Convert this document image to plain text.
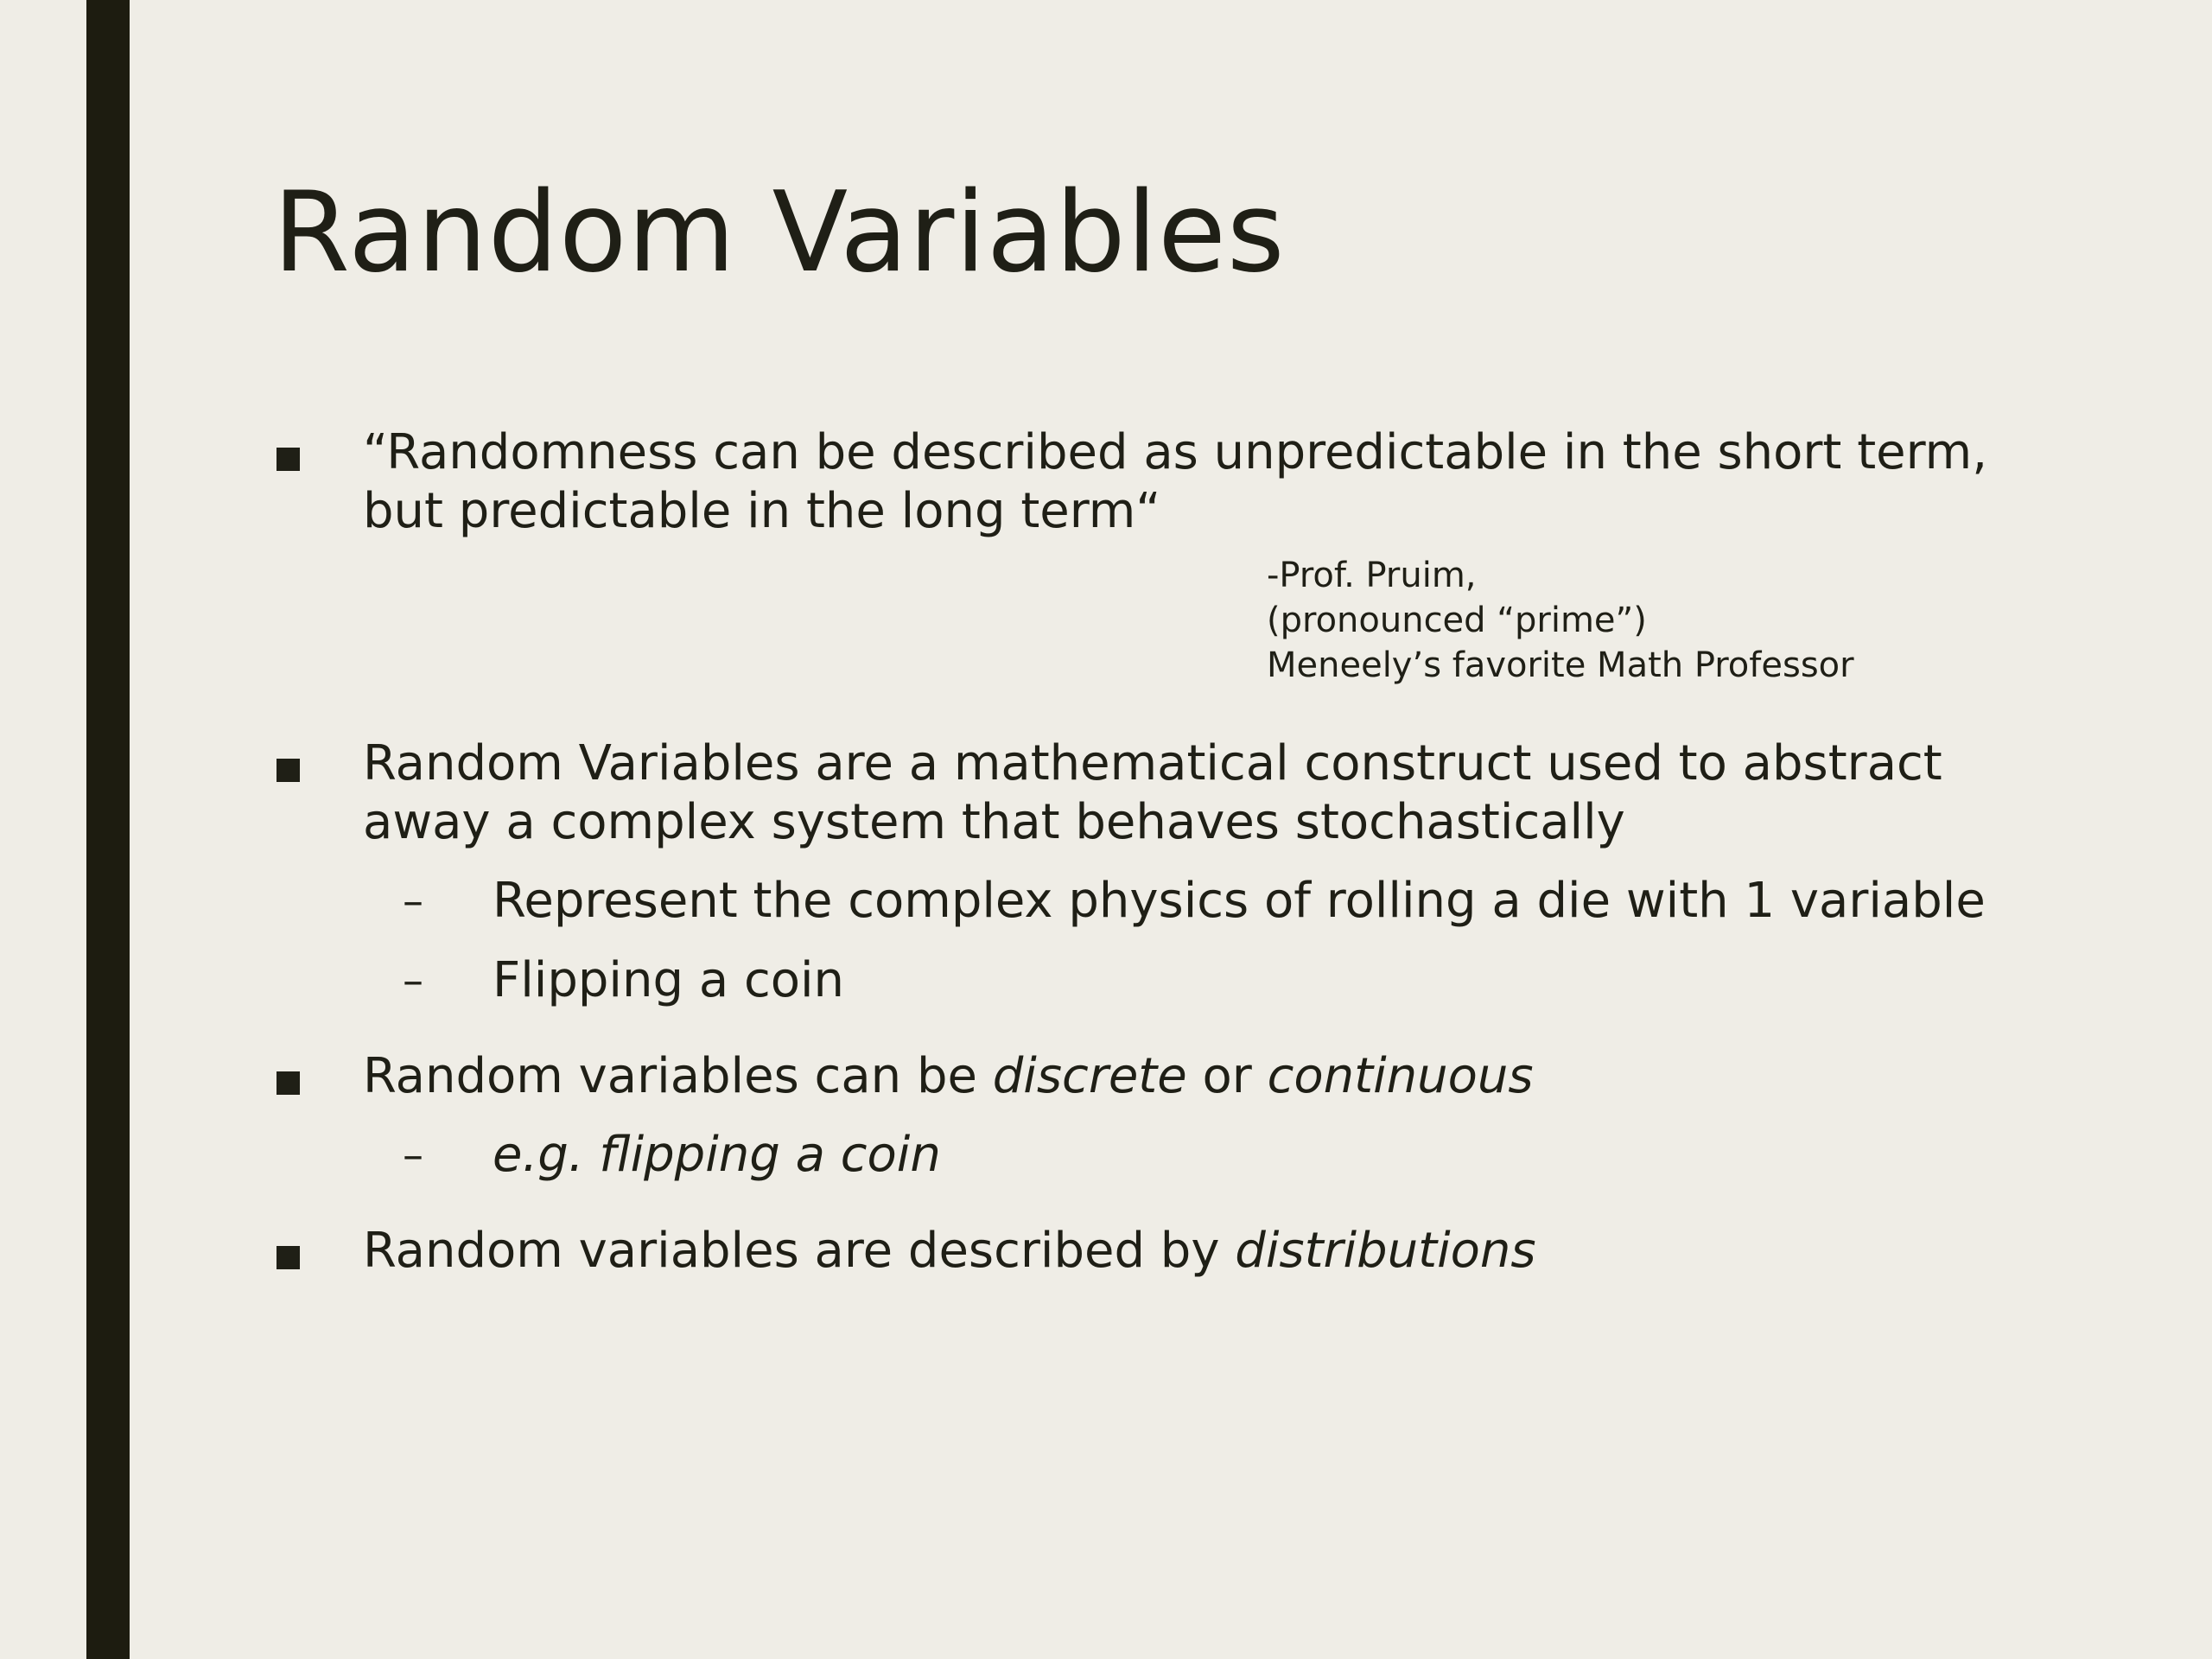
Random Variables
“Randomness can be described as unpredictable in the short term, but predictable in the long term“
-Prof. Pruim,
(pronounced “prime”)
Meneely’s favorite Math Professor
Random Variables are a mathematical construct used to abstract away a complex system that behaves stochastically
– Represent the complex physics of rolling a die with 1 variable
– Flipping a coin
Random variables can be discrete or continuous
– e.g. flipping a coin
Random variables are described by distributions
